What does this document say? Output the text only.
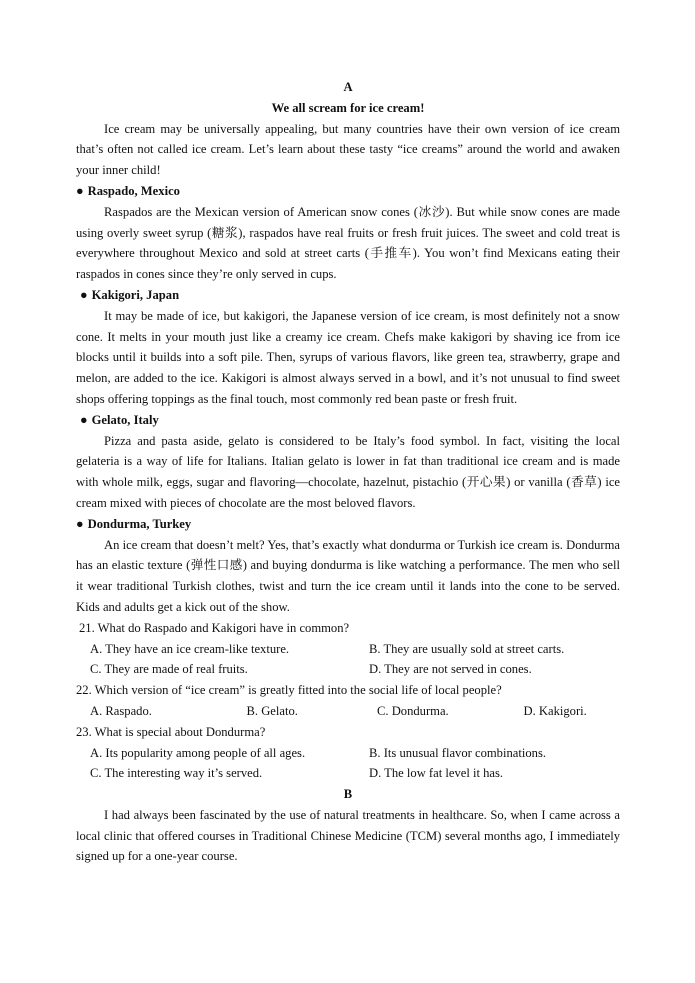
A
We all scream for ice cream!
Ice cream may be universally appealing, but many countries have their own version of ice cream that’s often not called ice cream. Let’s learn about these tasty “ice creams” around the world and awaken your inner child!
● Raspado, Mexico
Raspados are the Mexican version of American snow cones (冰沙). But while snow cones are made using overly sweet syrup (糖浆), raspados have real fruits or fresh fruit juices. The sweet and cold treat is everywhere throughout Mexico and sold at street carts (手推车). You won’t find Mexicans eating their raspados in cones since they’re only served in cups.
● Kakigori, Japan
It may be made of ice, but kakigori, the Japanese version of ice cream, is most definitely not a snow cone. It melts in your mouth just like a creamy ice cream. Chefs make kakigori by shaving ice from ice blocks until it builds into a soft pile. Then, syrups of various flavors, like green tea, strawberry, grape and melon, are added to the ice. Kakigori is almost always served in a bowl, and it’s not unusual to find sweet shops offering toppings as the final touch, most commonly red bean paste or fresh fruit.
● Gelato, Italy
Pizza and pasta aside, gelato is considered to be Italy’s food symbol. In fact, visiting the local gelateria is a way of life for Italians. Italian gelato is lower in fat than traditional ice cream and is made with whole milk, eggs, sugar and flavoring—chocolate, hazelnut, pistachio (开心果) or vanilla (香草) ice cream mixed with pieces of chocolate are the most beloved flavors.
● Dondurma, Turkey
An ice cream that doesn’t melt? Yes, that’s exactly what dondurma or Turkish ice cream is. Dondurma has an elastic texture (弹性口感) and buying dondurma is like watching a performance. The men who sell it wear traditional Turkish clothes, twist and turn the ice cream until it lands into the cone to be served. Kids and adults get a kick out of the show.
21. What do Raspado and Kakigori have in common?
A. They have an ice cream-like texture.	B. They are usually sold at street carts.
C. They are made of real fruits.	D. They are not served in cones.
22. Which version of “ice cream” is greatly fitted into the social life of local people?
A. Raspado.	B. Gelato.	C. Dondurma.	D. Kakigori.
23. What is special about Dondurma?
A. Its popularity among people of all ages.	B. Its unusual flavor combinations.
C. The interesting way it’s served.	D. The low fat level it has.
B
I had always been fascinated by the use of natural treatments in healthcare. So, when I came across a local clinic that offered courses in Traditional Chinese Medicine (TCM) several months ago, I immediately signed up for a one-year course.
